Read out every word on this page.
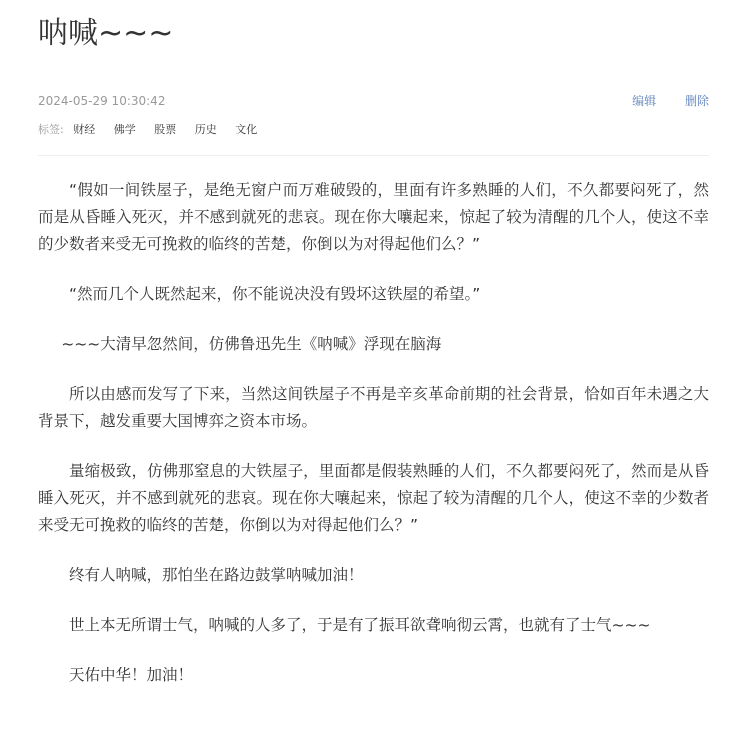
呐喊~~~
2024-05-29 10:30:42	编辑 删除
标签: 财经 佛学 股票 历史 文化

“假如一间铁屋子，是绝无窗户而万难破毁的，里面有许多熟睡的人们，不久都要闷死了，然而是从昏睡入死灭，并不感到就死的悲哀。现在你大嚷起来，惊起了较为清醒的几个人，使这不幸的少数者来受无可挽救的临终的苦楚，你倒以为对得起他们么？”

“然而几个人既然起来，你不能说决没有毁坏这铁屋的希望。”

~~~大清早忽然间，仿佛鲁迅先生《呐喊》浮现在脑海

所以由感而发写了下来，当然这间铁屋子不再是辛亥革命前期的社会背景，恰如百年未遇之大背景下，越发重要大国博弈之资本市场。

量缩极致，仿佛那窒息的大铁屋子，里面都是假装熟睡的人们，不久都要闷死了，然而是从昏睡入死灭，并不感到就死的悲哀。现在你大嚷起来，惊起了较为清醒的几个人，使这不幸的少数者来受无可挽救的临终的苦楚，你倒以为对得起他们么？”

终有人呐喊，那怕坐在路边鼓掌呐喊加油！

世上本无所谓士气，呐喊的人多了，于是有了振耳欲聋响彻云霄，也就有了士气~~~

天佑中华！加油！
